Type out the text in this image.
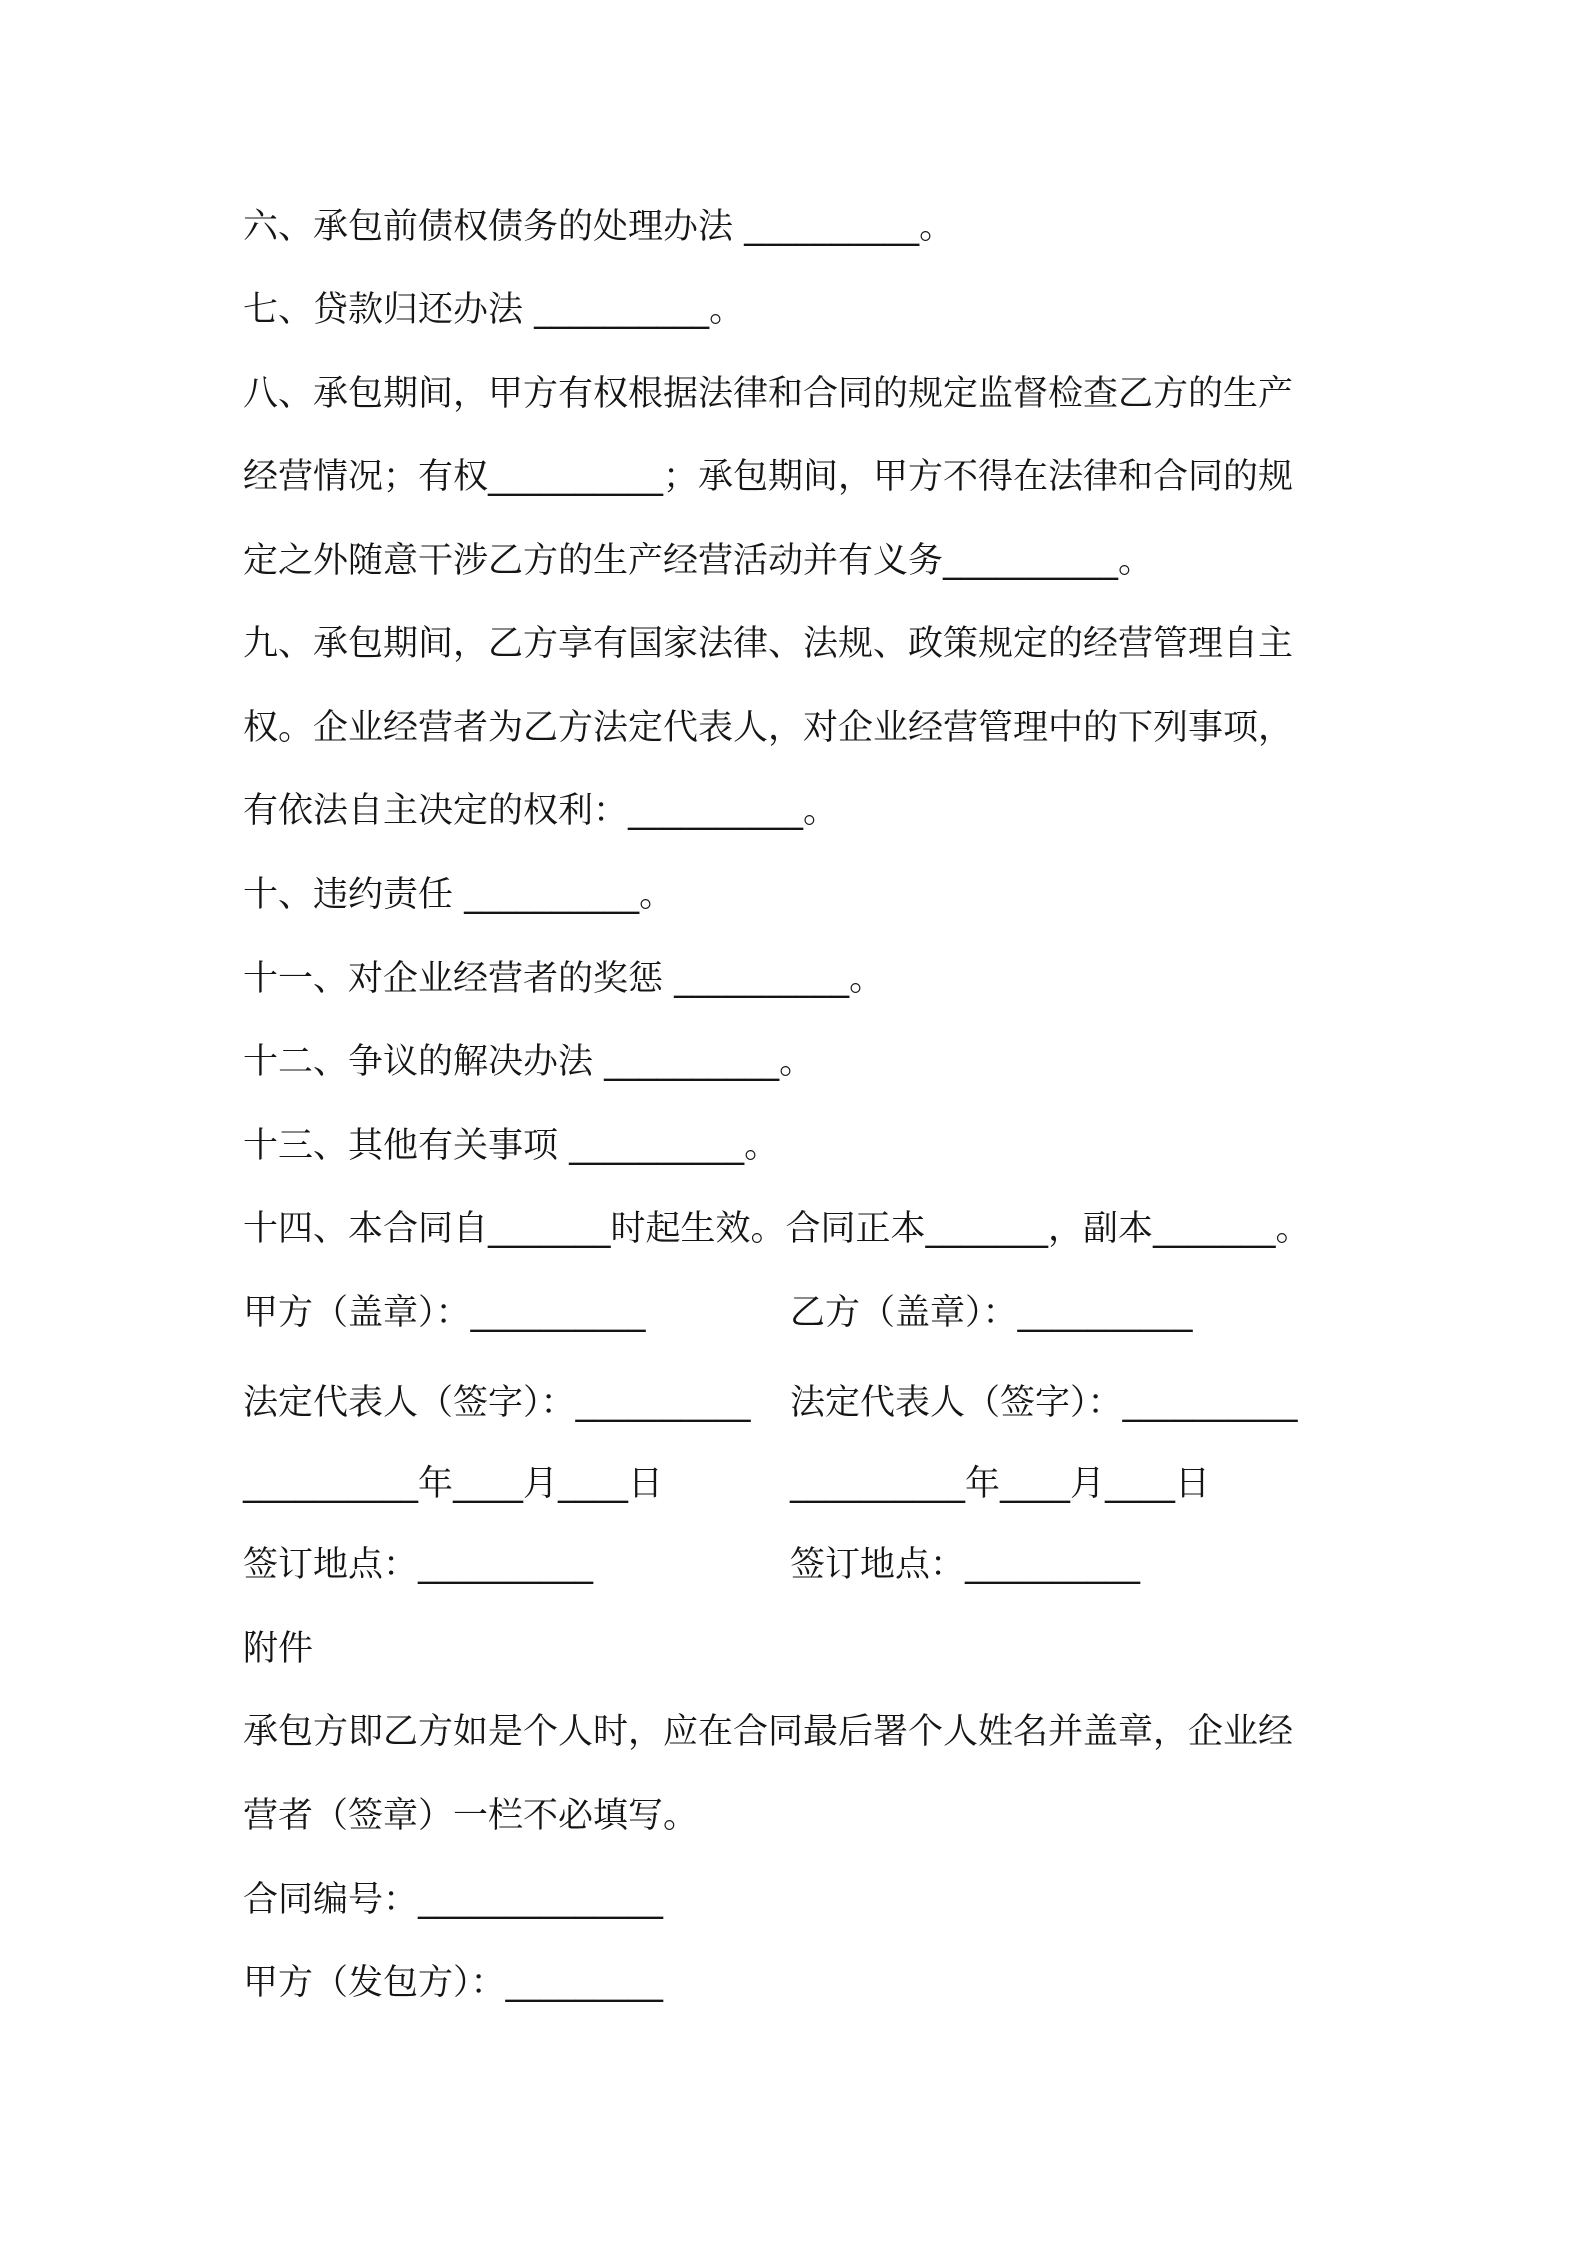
六、承包前债权债务的处理办法 __________。
七、贷款归还办法 __________。
八、承包期间，甲方有权根据法律和合同的规定监督检查乙方的生产
经营情况；有权__________；承包期间，甲方不得在法律和合同的规
定之外随意干涉乙方的生产经营活动并有义务__________。
九、承包期间，乙方享有国家法律、法规、政策规定的经营管理自主
权。企业经营者为乙方法定代表人，对企业经营管理中的下列事项，
有依法自主决定的权利：__________。
十、违约责任 __________。
十一、对企业经营者的奖惩 __________。
十二、争议的解决办法 __________。
十三、其他有关事项 __________。
十四、本合同自_______时起生效。合同正本_______，副本_______。
甲方（盖章）：__________	乙方（盖章）：__________
法定代表人（签字）：__________ 法定代表人（签字）：__________
__________年____月____日	__________年____月____日
签订地点：__________	签订地点：__________
附件
承包方即乙方如是个人时，应在合同最后署个人姓名并盖章，企业经
营者（签章）一栏不必填写。
合同编号：______________
甲方（发包方）：_________
